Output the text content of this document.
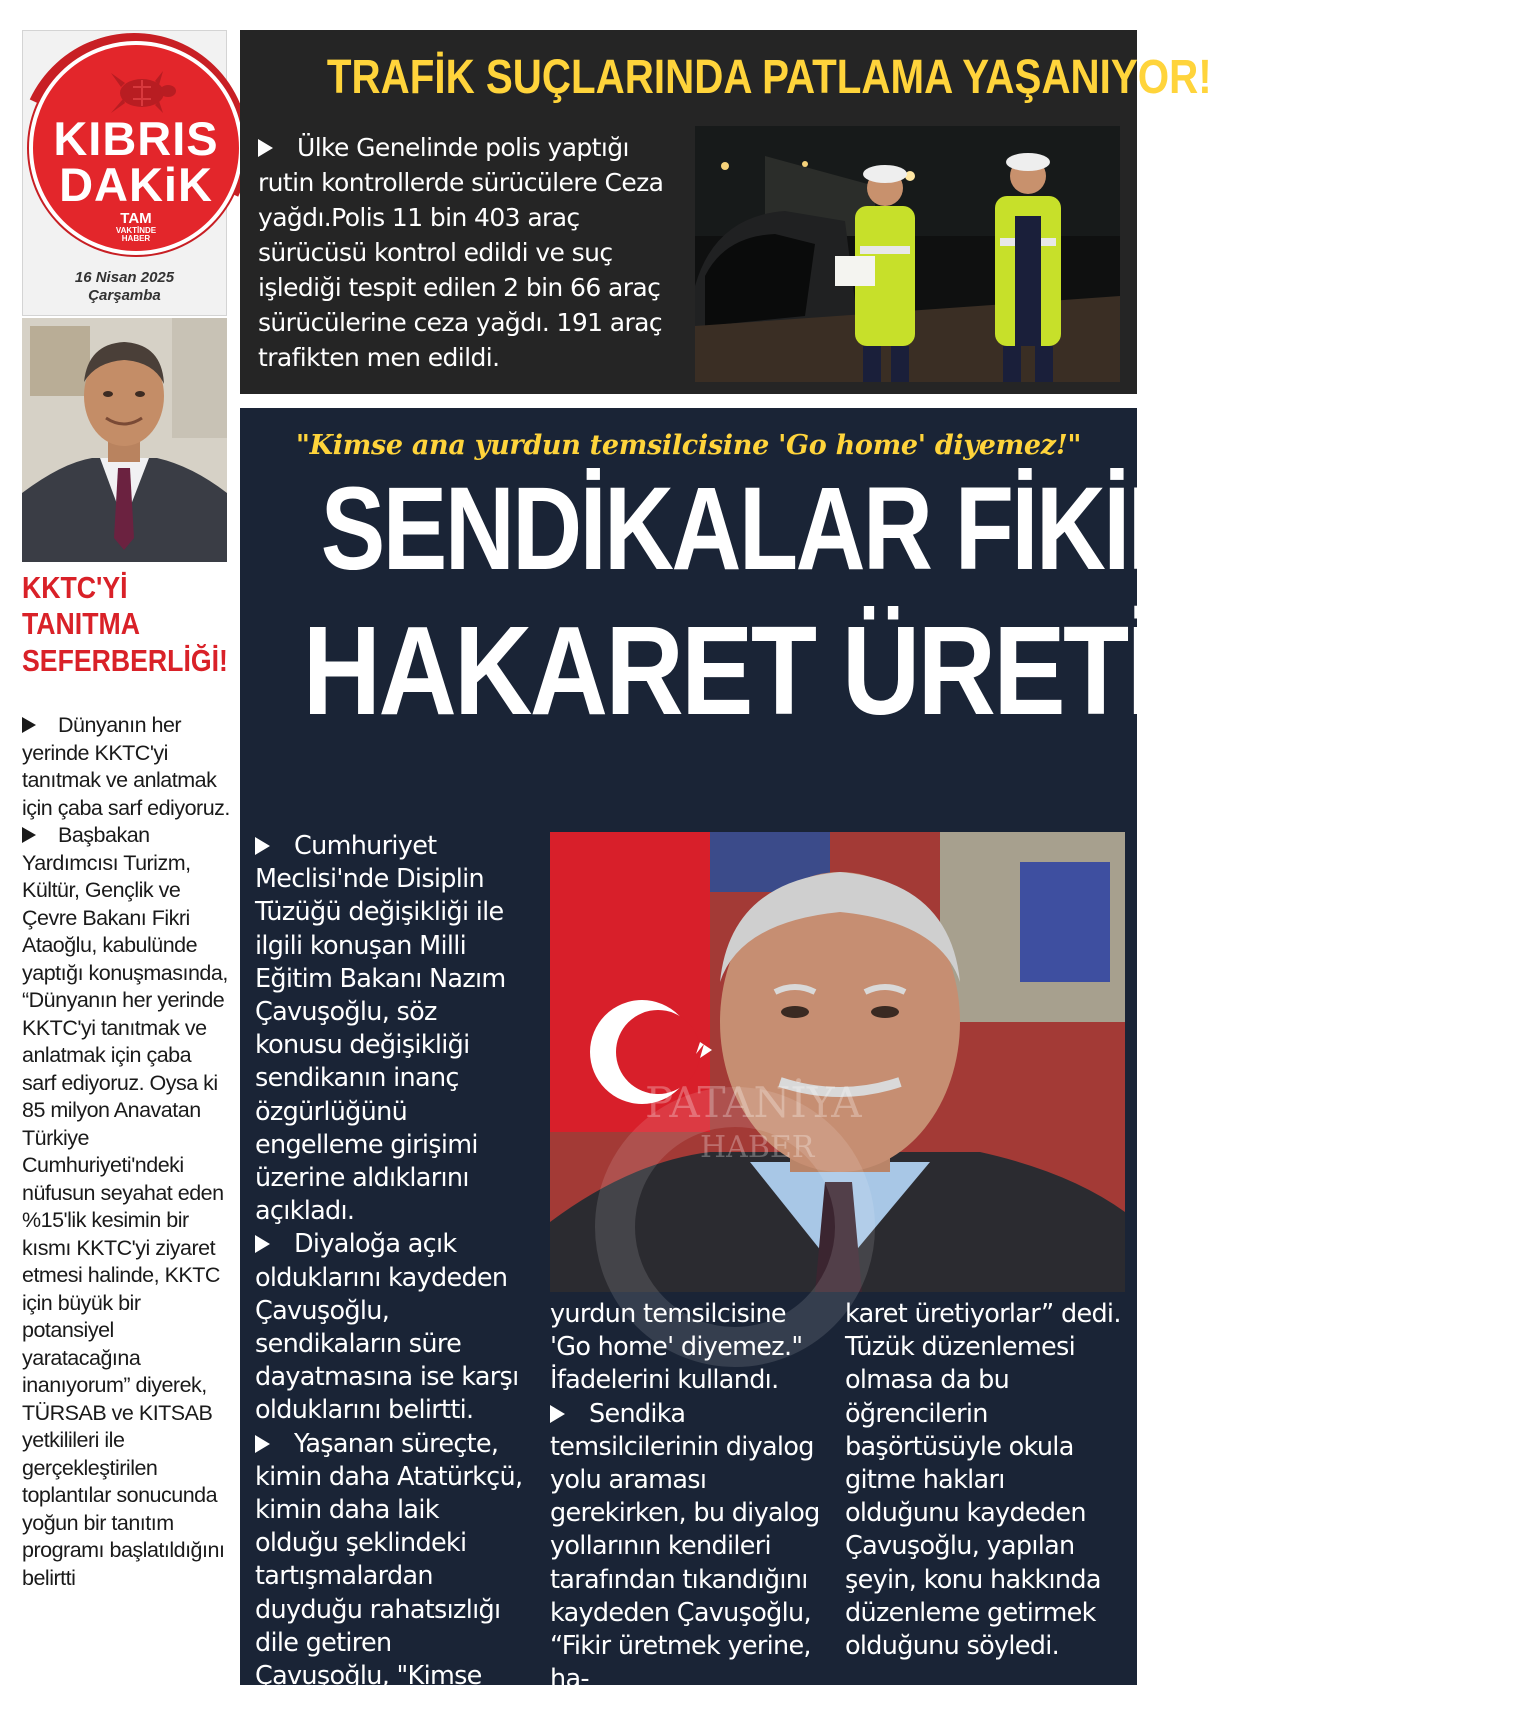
KIBRIS
DAKiK
TAM
VAKTİNDE
HABER
16 Nisan 2025
Çarşamba
KKTC'Yİ
TANITMA
SEFERBERLİĞİ!

Dünyanın her yerinde KKTC'yi tanıtmak ve anlatmak için çaba sarf ediyoruz.

Başbakan Yardımcısı Turizm, Kültür, Gençlik ve Çevre Bakanı Fikri Ataoğlu, kabulünde yaptığı konuşmasında, “Dünyanın her yerinde KKTC'yi tanıtmak ve anlatmak için çaba sarf ediyoruz. Oysa ki 85 milyon Anavatan Türkiye Cumhuriyeti'ndeki nüfusun seyahat eden %15'lik kesimin bir kısmı KKTC'yi ziyaret etmesi halinde, KKTC için büyük bir potansiyel yaratacağına inanıyorum” diyerek, TÜRSAB ve KITSAB yetkilileri ile gerçekleştirilen toplantılar sonucunda yoğun bir tanıtım programı başlatıldığını belirtti

TRAFİK SUÇLARINDA PATLAMA YAŞANIYOR!
Ülke Genelinde polis yaptığı rutin kontrollerde sürücülere Ceza yağdı.Polis 11 bin 403 araç sürücüsü kontrol edildi ve suç işlediği tespit edilen 2 bin 66 araç sürücülerine ceza yağdı. 191 araç trafikten men edildi.
"Kimse ana yurdun temsilcisine 'Go home' diyemez!"
SENDİKALAR FİKİR, DEĞİL
HAKARET ÜRETİYOR!

Cumhuriyet Meclisi'nde Disiplin Tüzüğü değişikliği ile ilgili konuşan Milli Eğitim Bakanı Nazım Çavuşoğlu, söz konusu değişikliği sendikanın inanç özgürlüğünü engelleme girişimi üzerine aldıklarını açıkladı.

Diyaloğa açık olduklarını kaydeden Çavuşoğlu, sendikaların süre dayatmasına ise karşı olduklarını belirtti.

Yaşanan süreçte, kimin daha Atatürkçü, kimin daha laik olduğu şeklindeki tartışmalardan duyduğu rahatsızlığı dile getiren Çavuşoğlu, "Kimse ana

PATANİYA
HABER

yurdun temsilcisine 'Go home' diyemez." İfadelerini kullandı.

Sendika temsilcilerinin diyalog yolu araması gerekirken, bu diyalog yollarının kendileri tarafından tıkandığını kaydeden Çavuşoğlu, “Fikir üretmek yerine, ha-

karet üretiyorlar” dedi.

Tüzük düzenlemesi olmasa da bu öğrencilerin başörtüsüyle okula gitme hakları olduğunu kaydeden Çavuşoğlu, yapılan şeyin, konu hakkında düzenleme getirmek olduğunu söyledi.
